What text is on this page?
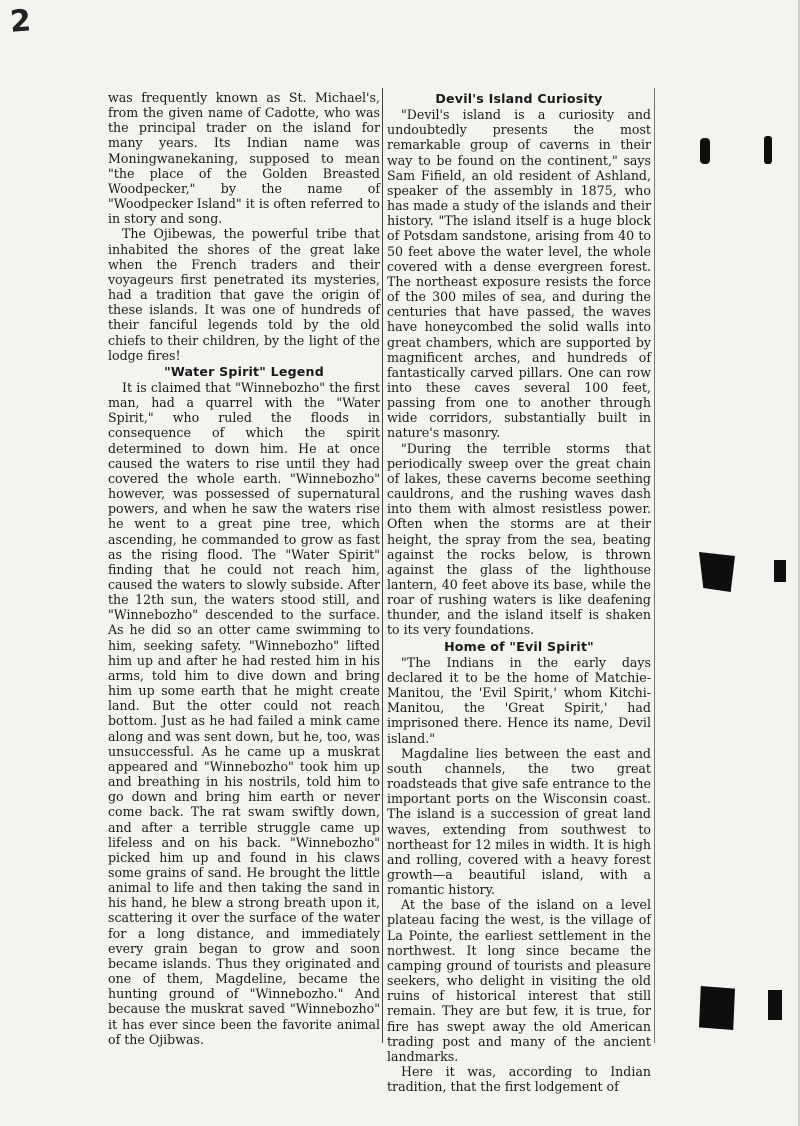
2

was frequently known as St. Michael's, from the given name of Cadotte, who was the principal trader on the island for many years. Its Indian name was Moningwanekaning, supposed to mean "the place of the Golden Breasted Woodpecker," by the name of "Woodpecker Island" it is often referred to in story and song.

The Ojibewas, the powerful tribe that inhabited the shores of the great lake when the French traders and their voyageurs first penetrated its mysteries, had a tradition that gave the origin of these islands. It was one of hundreds of their fanciful legends told by the old chiefs to their children, by the light of the lodge fires!

"Water Spirit" Legend

It is claimed that "Winnebozho" the first man, had a quarrel with the "Water Spirit," who ruled the floods in consequence of which the spirit determined to down him. He at once caused the waters to rise until they had covered the whole earth. "Winnebozho" however, was possessed of supernatural powers, and when he saw the waters rise he went to a great pine tree, which ascending, he commanded to grow as fast as the rising flood. The "Water Spirit" finding that he could not reach him, caused the waters to slowly subside. After the 12th sun, the waters stood still, and "Winnebozho" descended to the surface. As he did so an otter came swimming to him, seeking safety. "Winnebozho" lifted him up and after he had rested him in his arms, told him to dive down and bring him up some earth that he might create land. But the otter could not reach bottom. Just as he had failed a mink came along and was sent down, but he, too, was unsuccessful. As he came up a muskrat appeared and "Winnebozho" took him up and breathing in his nostrils, told him to go down and bring him earth or never come back. The rat swam swiftly down, and after a terrible struggle came up lifeless and on his back. "Winnebozho" picked him up and found in his claws some grains of sand. He brought the little animal to life and then taking the sand in his hand, he blew a strong breath upon it, scattering it over the surface of the water for a long distance, and immediately every grain began to grow and soon became islands. Thus they originated and one of them, Magdeline, became the hunting ground of "Winnebozho." And because the muskrat saved "Winnebozho" it has ever since been the favorite animal of the Ojibwas.

Devil's Island Curiosity

"Devil's island is a curiosity and undoubtedly presents the most remarkable group of caverns in their way to be found on the continent," says Sam Fifield, an old resident of Ashland, speaker of the assembly in 1875, who has made a study of the islands and their history. "The island itself is a huge block of Potsdam sandstone, arising from 40 to 50 feet above the water level, the whole covered with a dense evergreen forest. The northeast exposure resists the force of the 300 miles of sea, and during the centuries that have passed, the waves have honeycombed the solid walls into great chambers, which are supported by magnificent arches, and hundreds of fantastically carved pillars. One can row into these caves several 100 feet, passing from one to another through wide corridors, substantially built in nature's masonry.

"During the terrible storms that periodically sweep over the great chain of lakes, these caverns become seething cauldrons, and the rushing waves dash into them with almost resistless power. Often when the storms are at their height, the spray from the sea, beating against the rocks below, is thrown against the glass of the lighthouse lantern, 40 feet above its base, while the roar of rushing waters is like deafening thunder, and the island itself is shaken to its very foundations.

Home of "Evil Spirit"

"The Indians in the early days declared it to be the home of Matchie-Manitou, the 'Evil Spirit,' whom Kitchi-Manitou, the 'Great Spirit,' had imprisoned there. Hence its name, Devil island."

Magdaline lies between the east and south channels, the two great roadsteads that give safe entrance to the important ports on the Wisconsin coast. The island is a succession of great land waves, extending from southwest to northeast for 12 miles in width. It is high and rolling, covered with a heavy forest growth—a beautiful island, with a romantic history.

At the base of the island on a level plateau facing the west, is the village of La Pointe, the earliest settlement in the northwest. It long since became the camping ground of tourists and pleasure seekers, who delight in visiting the old ruins of historical interest that still remain. They are but few, it is true, for fire has swept away the old American trading post and many of the ancient landmarks.

Here it was, according to Indian tradition, that the first lodgement of
